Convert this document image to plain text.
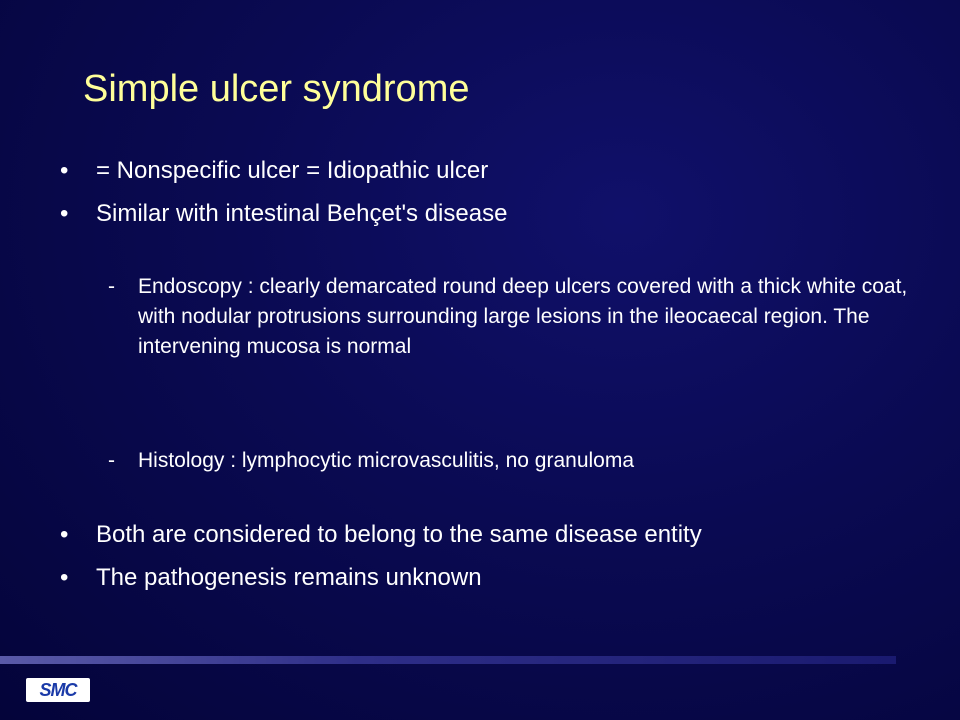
Simple ulcer syndrome
•	= Nonspecific ulcer = Idiopathic ulcer
•	Similar with intestinal Behçet's disease
-	Endoscopy : clearly demarcated round deep ulcers covered with a thick white coat, with nodular protrusions surrounding large lesions in the ileocaecal region. The intervening mucosa is normal
-	Histology : lymphocytic microvasculitis, no granuloma
•	Both are considered to belong to the same disease entity
•	The pathogenesis remains unknown
SMC
